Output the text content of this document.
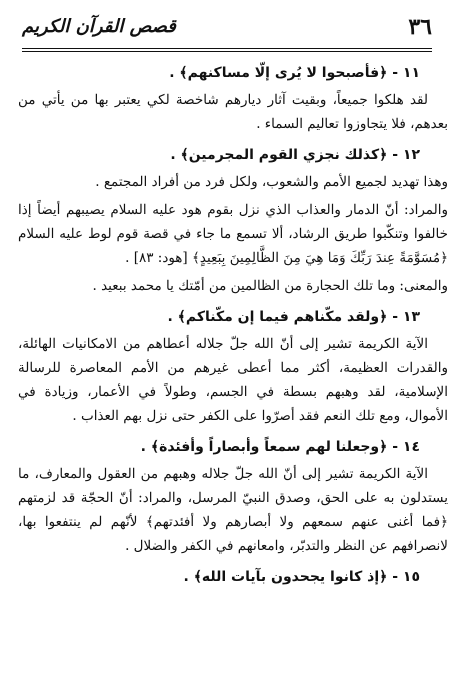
٣٦
قصص القرآن الكريم
١١ - ﴿فأصبحوا لا يُرى إلّا مساكنهم﴾ .

لقد هلكوا جميعاً، وبقيت آثار ديارهم شاخصة لكي يعتبر بها من يأتي من بعدهم، فلا يتجاوزوا تعاليم السماء .

١٢ - ﴿كذلك نجزي القوم المجرمين﴾ .

وهذا تهديد لجميع الأمم والشعوب، ولكل فرد من أفراد المجتمع .

والمراد: أنّ الدمار والعذاب الذي نزل بقوم هود عليه السلام يصيبهم أيضاً إذا خالفوا وتنكّبوا طريق الرشاد، ألا تسمع ما جاء في قصة قوم لوط عليه السلام ﴿مُسَوَّمَةً عِندَ رَبِّكَ وَمَا هِيَ مِنَ الظَّالِمِينَ بِبَعِيدٍ﴾ [هود: ٨٣] .

والمعنى: وما تلك الحجارة من الظالمين من أمّتك يا محمد ببعيد .

١٣ - ﴿ولقد مكّناهم فيما إن مكّناكم﴾ .

الآية الكريمة تشير إلى أنّ الله جلّ جلاله أعطاهم من الامكانيات الهائلة، والقدرات العظيمة، أكثر مما أعطى غيرهم من الأمم المعاصرة للرسالة الإسلامية، لقد وهبهم بسطة في الجسم، وطولاً في الأعمار، وزيادة في الأموال، ومع تلك النعم فقد أصرّوا على الكفر حتى نزل بهم العذاب .

١٤ - ﴿وجعلنا لهم سمعاً وأبصاراً وأفئدة﴾ .

الآية الكريمة تشير إلى أنّ الله جلّ جلاله وهبهم من العقول والمعارف، ما يستدلون به على الحق، وصدق النبيّ المرسل، والمراد: أنّ الحجّة قد لزمتهم ﴿فما أغنى عنهم سمعهم ولا أبصارهم ولا أفئدتهم﴾ لأنّهم لم ينتفعوا بها، لانصرافهم عن النظر والتدبّر، وامعانهم في الكفر والضلال .

١٥ - ﴿إذ كانوا يجحدون بآيات الله﴾ .
